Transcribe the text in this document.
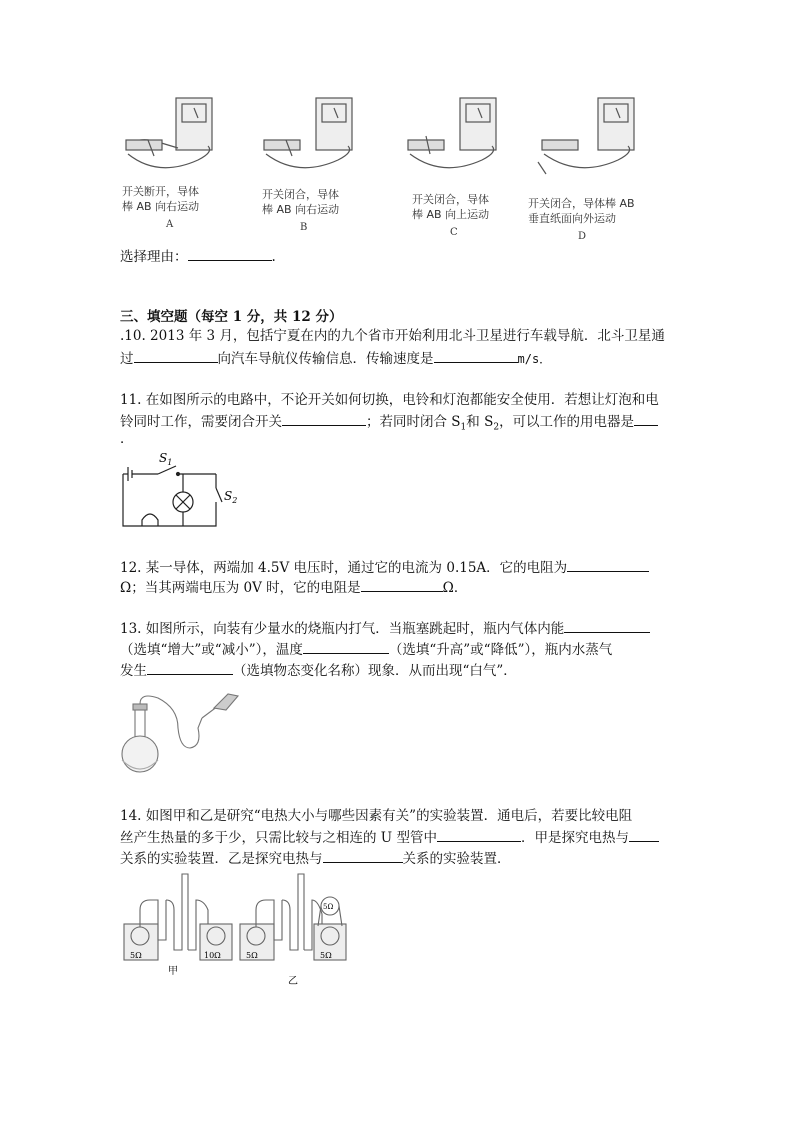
开关断开，导体
棒 AB 向右运动
A
开关闭合，导体
棒 AB 向右运动
B
开关闭合，导体
棒 AB 向上运动
C
开关闭合，导体棒 AB
垂直纸面向外运动
D
选择理由：	.
三、填空题（每空 1 分，共 12 分）
.10. 2013 年 3 月，包括宁夏在内的九个省市开始利用北斗卫星进行车载导航．北斗卫星通
过	向汽车导航仪传输信息．传输速度是	m/s．
11. 在如图所示的电路中，不论开关如何切换，电铃和灯泡都能安全使用．若想让灯泡和电
铃同时工作，需要闭合开关	；若同时闭合 $S_1$和 $S_2$，可以工作的用电器是
．
$S_1$
$S_2$
12. 某一导体，两端加 4.5V 电压时，通过它的电流为 0.15A．它的电阻为
Ω；当其两端电压为 0V 时，它的电阻是	Ω．
13. 如图所示，向装有少量水的烧瓶内打气．当瓶塞跳起时，瓶内气体内能
（选填“增大”或“减小”），温度	（选填“升高”或“降低”），瓶内水蒸气
发生	（选填物态变化名称）现象．从而出现“白气”．
14. 如图甲和乙是研究“电热大小与哪些因素有关”的实验装置．通电后，若要比较电阻
丝产生热量的多于少，只需比较与之相连的 U 型管中	．甲是探究电热与
关系的实验装置．乙是探究电热与	关系的实验装置．
5Ω	10Ω	5Ω	5Ω
5Ω
甲
乙
